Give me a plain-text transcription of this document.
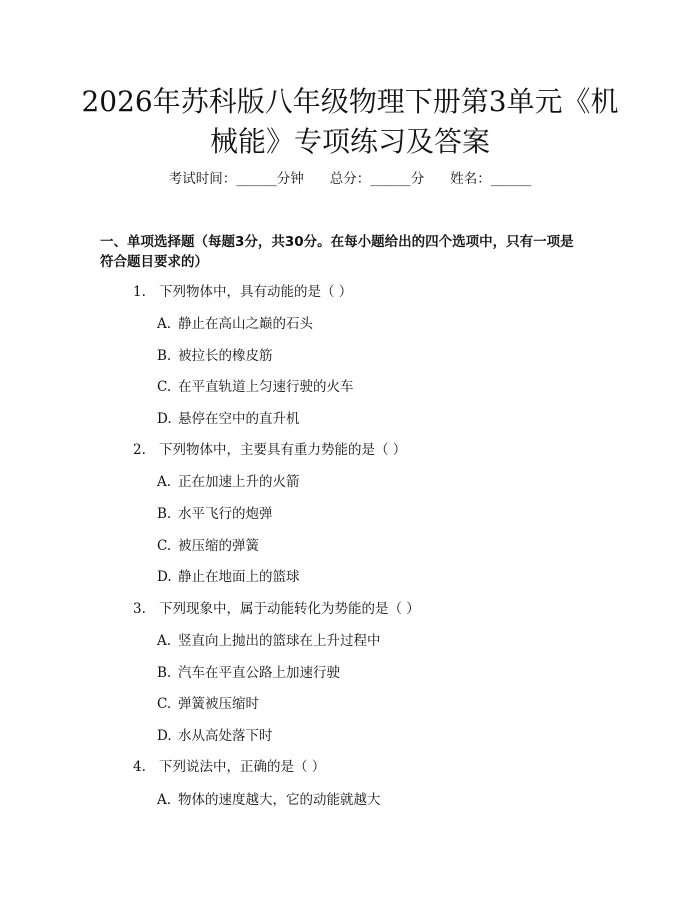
2026年苏科版八年级物理下册第3单元《机
械能》专项练习及答案
考试时间：______分钟 总分：______分 姓名：______
一、单项选择题（每题3分，共30分。在每小题给出的四个选项中，只有一项是
符合题目要求的）
1. 下列物体中，具有动能的是（ ）
A. 静止在高山之巅的石头
B. 被拉长的橡皮筋
C. 在平直轨道上匀速行驶的火车
D. 悬停在空中的直升机
2. 下列物体中，主要具有重力势能的是（ ）
A. 正在加速上升的火箭
B. 水平飞行的炮弹
C. 被压缩的弹簧
D. 静止在地面上的篮球
3. 下列现象中，属于动能转化为势能的是（ ）
A. 竖直向上抛出的篮球在上升过程中
B. 汽车在平直公路上加速行驶
C. 弹簧被压缩时
D. 水从高处落下时
4. 下列说法中，正确的是（ ）
A. 物体的速度越大，它的动能就越大
